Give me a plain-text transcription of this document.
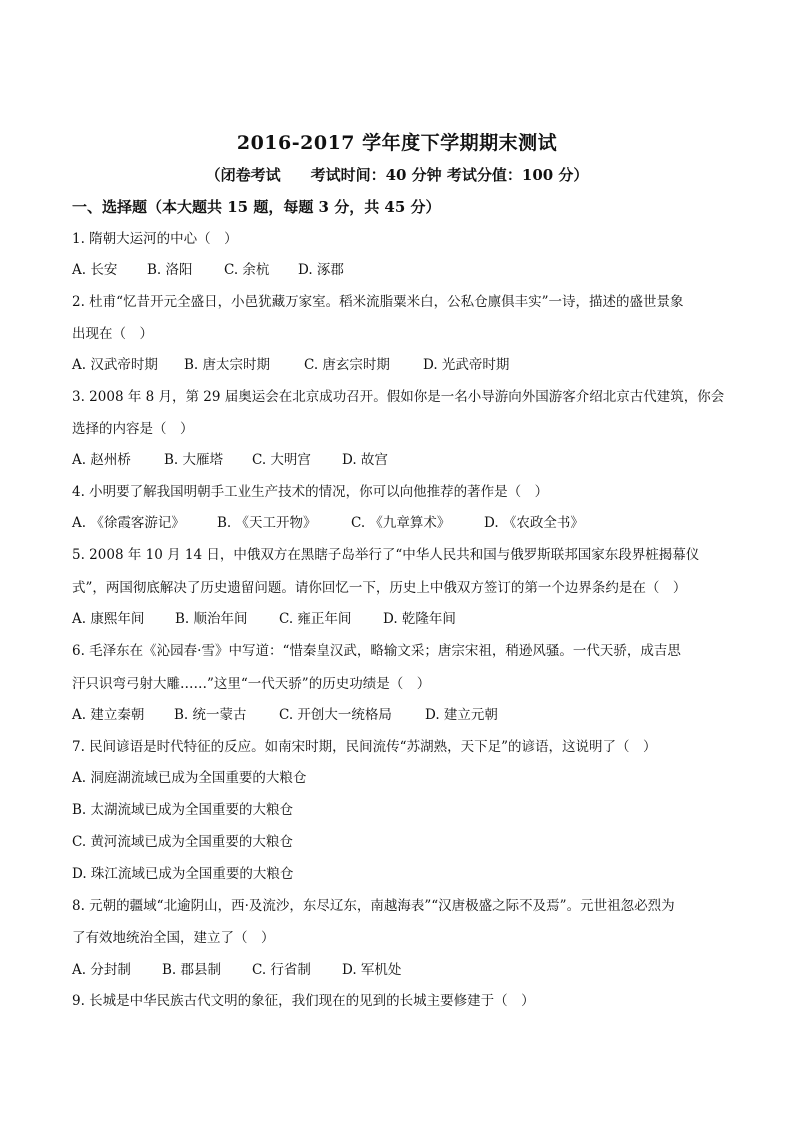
2016-2017 学年度下学期期末测试
（闭卷考试　　考试时间：40 分钟 考试分值：100 分）
一、选择题（本大题共 15 题，每题 3 分，共 45 分）
1. 隋朝大运河的中心（　）
A. 长安	B. 洛阳	C. 余杭	D. 涿郡
2. 杜甫“忆昔开元全盛日，小邑犹藏万家室。稻米流脂粟米白，公私仓廪俱丰实”一诗，描述的盛世景象
出现在（　）
A. 汉武帝时期	B. 唐太宗时期	C. 唐玄宗时期	D. 光武帝时期
3. 2008 年 8 月，第 29 届奥运会在北京成功召开。假如你是一名小导游向外国游客介绍北京古代建筑，你会
选择的内容是（　）
A. 赵州桥	B. 大雁塔	C. 大明宫	D. 故宫
4. 小明要了解我国明朝手工业生产技术的情况，你可以向他推荐的著作是（　）
A. 《徐霞客游记》	B. 《天工开物》	C. 《九章算术》	D. 《农政全书》
5. 2008 年 10 月 14 日，中俄双方在黑瞎子岛举行了“中华人民共和国与俄罗斯联邦国家东段界桩揭幕仪
式”，两国彻底解决了历史遗留问题。请你回忆一下，历史上中俄双方签订的第一个边界条约是在（　）
A. 康熙年间	B. 顺治年间	C. 雍正年间	D. 乾隆年间
6. 毛泽东在《沁园春·雪》中写道：“惜秦皇汉武，略输文采；唐宗宋祖，稍逊风骚。一代天骄，成吉思
汗只识弯弓射大雕……”这里“一代天骄”的历史功绩是（　）
A. 建立秦朝	B. 统一蒙古	C. 开创大一统格局	D. 建立元朝
7. 民间谚语是时代特征的反应。如南宋时期，民间流传“苏湖熟，天下足”的谚语，这说明了（　）
A. 洞庭湖流域已成为全国重要的大粮仓
B. 太湖流域已成为全国重要的大粮仓
C. 黄河流域已成为全国重要的大粮仓
D. 珠江流域已成为全国重要的大粮仓
8. 元朝的疆域“北逾阴山，西·及流沙，东尽辽东，南越海表”“汉唐极盛之际不及焉”。元世祖忽必烈为
了有效地统治全国，建立了（　）
A. 分封制	B. 郡县制	C. 行省制	D. 军机处
9. 长城是中华民族古代文明的象征，我们现在的见到的长城主要修建于（　）
